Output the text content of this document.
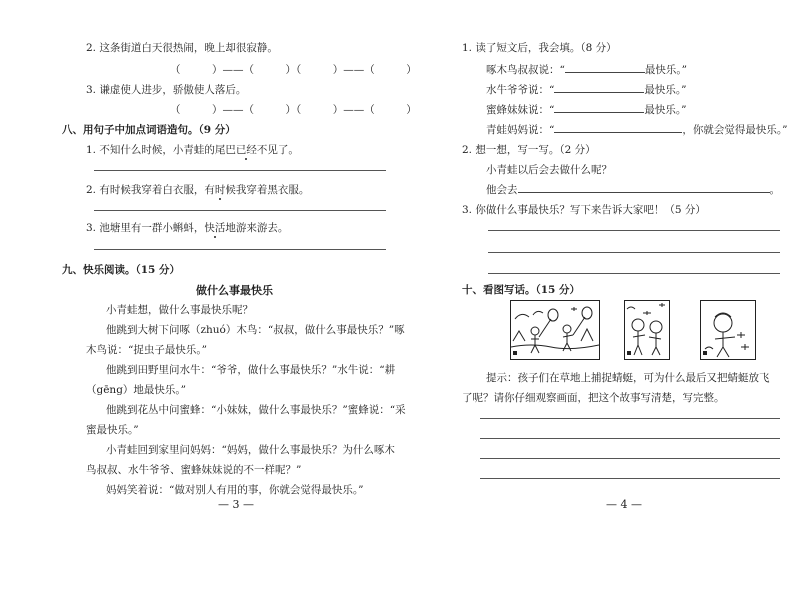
2. 这条街道白天很热闹，晚上却很寂静。
（　　　）——（　　　）（　　　）——（　　　）
3. 谦虚使人进步，骄傲使人落后。
（　　　）——（　　　）（　　　）——（　　　）
八、用句子中加点词语造句。（9 分）
1. 不知什么时候，小青蛙的尾巴已经不见了。
2. 有时候我穿着白衣服，有时候我穿着黑衣服。
3. 池塘里有一群小蝌蚪，快活地游来游去。
九、快乐阅读。（15 分）
做什么事最快乐
小青蛙想，做什么事最快乐呢？
他跳到大树下问啄（zhuó）木鸟：“叔叔，做什么事最快乐？”啄
木鸟说：“捉虫子最快乐。”
他跳到田野里问水牛：“爷爷，做什么事最快乐？”水牛说：“耕
（gēng）地最快乐。”
他跳到花丛中问蜜蜂：“小妹妹，做什么事最快乐？”蜜蜂说：“采
蜜最快乐。”
小青蛙回到家里问妈妈：“妈妈，做什么事最快乐？为什么啄木
鸟叔叔、水牛爷爷、蜜蜂妹妹说的不一样呢？”
妈妈笑着说：“做对别人有用的事，你就会觉得最快乐。”
— 3 —
1. 读了短文后，我会填。（8 分）
啄木鸟叔叔说：“	最快乐。”
水牛爷爷说：“	最快乐。”
蜜蜂妹妹说：“	最快乐。”
青蛙妈妈说：“	，你就会觉得最快乐。”
2. 想一想，写一写。（2 分）
小青蛙以后会去做什么呢？
他会去	。
3. 你做什么事最快乐？写下来告诉大家吧！（5 分）
十、看图写话。（15 分）
提示：孩子们在草地上捕捉蜻蜓，可为什么最后又把蜻蜓放飞
了呢？请你仔细观察画面，把这个故事写清楚，写完整。
— 4 —
